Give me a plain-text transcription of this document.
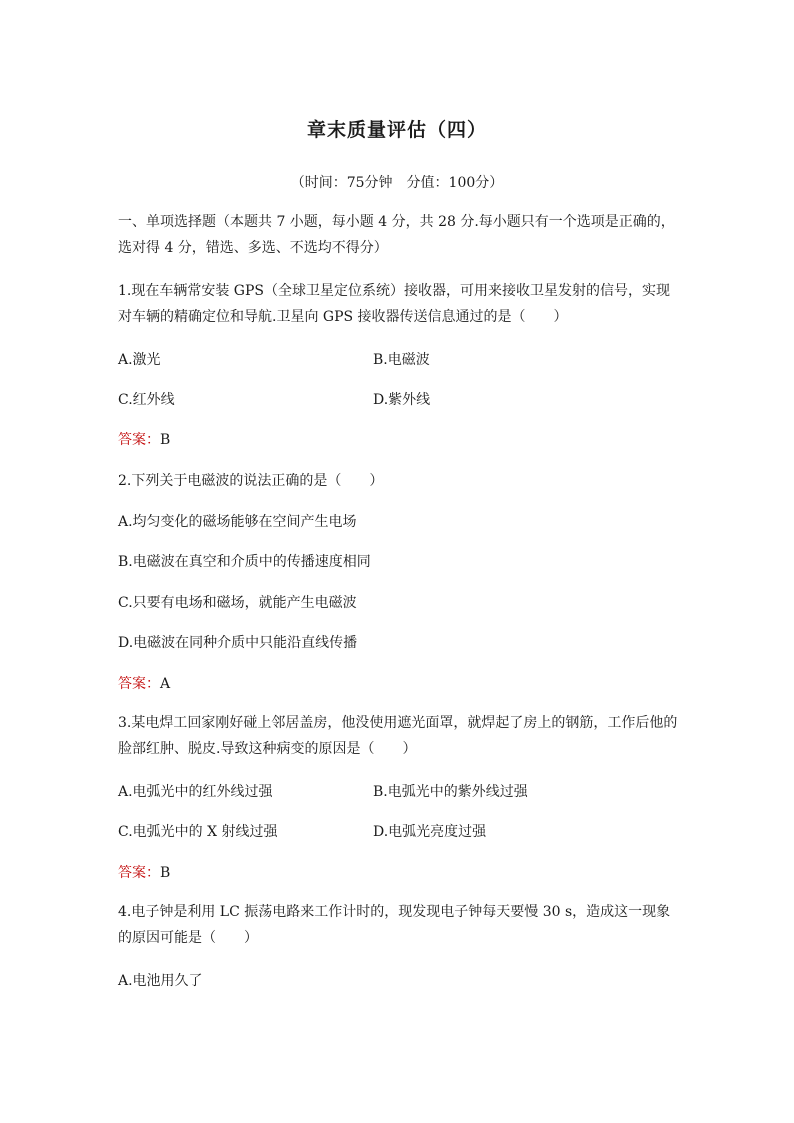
章末质量评估（四）
（时间：75分钟　分值：100分）
一、单项选择题（本题共 7 小题，每小题 4 分，共 28 分.每小题只有一个选项是正确的，选对得 4 分，错选、多选、不选均不得分）
1.现在车辆常安装 GPS（全球卫星定位系统）接收器，可用来接收卫星发射的信号，实现对车辆的精确定位和导航.卫星向 GPS 接收器传送信息通过的是（　　）
A.激光	B.电磁波
C.红外线	D.紫外线
答案：B
2.下列关于电磁波的说法正确的是（　　）
A.均匀变化的磁场能够在空间产生电场
B.电磁波在真空和介质中的传播速度相同
C.只要有电场和磁场，就能产生电磁波
D.电磁波在同种介质中只能沿直线传播
答案：A
3.某电焊工回家刚好碰上邻居盖房，他没使用遮光面罩，就焊起了房上的钢筋，工作后他的脸部红肿、脱皮.导致这种病变的原因是（　　）
A.电弧光中的红外线过强	B.电弧光中的紫外线过强
C.电弧光中的 X 射线过强	D.电弧光亮度过强
答案：B
4.电子钟是利用 LC 振荡电路来工作计时的，现发现电子钟每天要慢 30 s，造成这一现象的原因可能是（　　）
A.电池用久了
